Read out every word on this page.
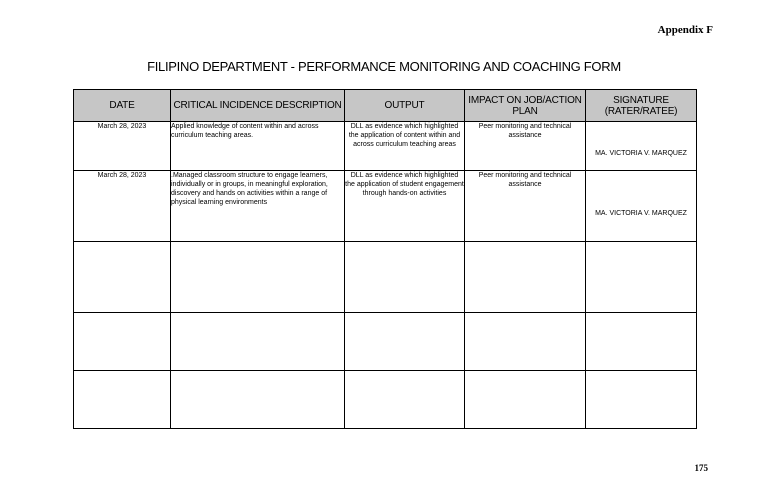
Appendix F
FILIPINO DEPARTMENT - PERFORMANCE MONITORING AND COACHING FORM
DATE	CRITICAL INCIDENCE DESCRIPTION	OUTPUT	IMPACT ON JOB/ACTION PLAN	SIGNATURE (RATER/RATEE)
March 28, 2023	Applied knowledge of content within and across curriculum teaching areas.	DLL as evidence which highlighted the application of content within and across curriculum teaching areas	Peer monitoring and technical assistance	MA. VICTORIA V. MARQUEZ

March 28, 2023	.Managed classroom structure to engage learners, individually or in groups, in meaningful exploration, discovery and hands on activities within a range of physical learning environments	DLL as evidence which highlighted the application of student engagement through hands-on activities	Peer monitoring and technical assistance	MA. VICTORIA V. MARQUEZ

175
